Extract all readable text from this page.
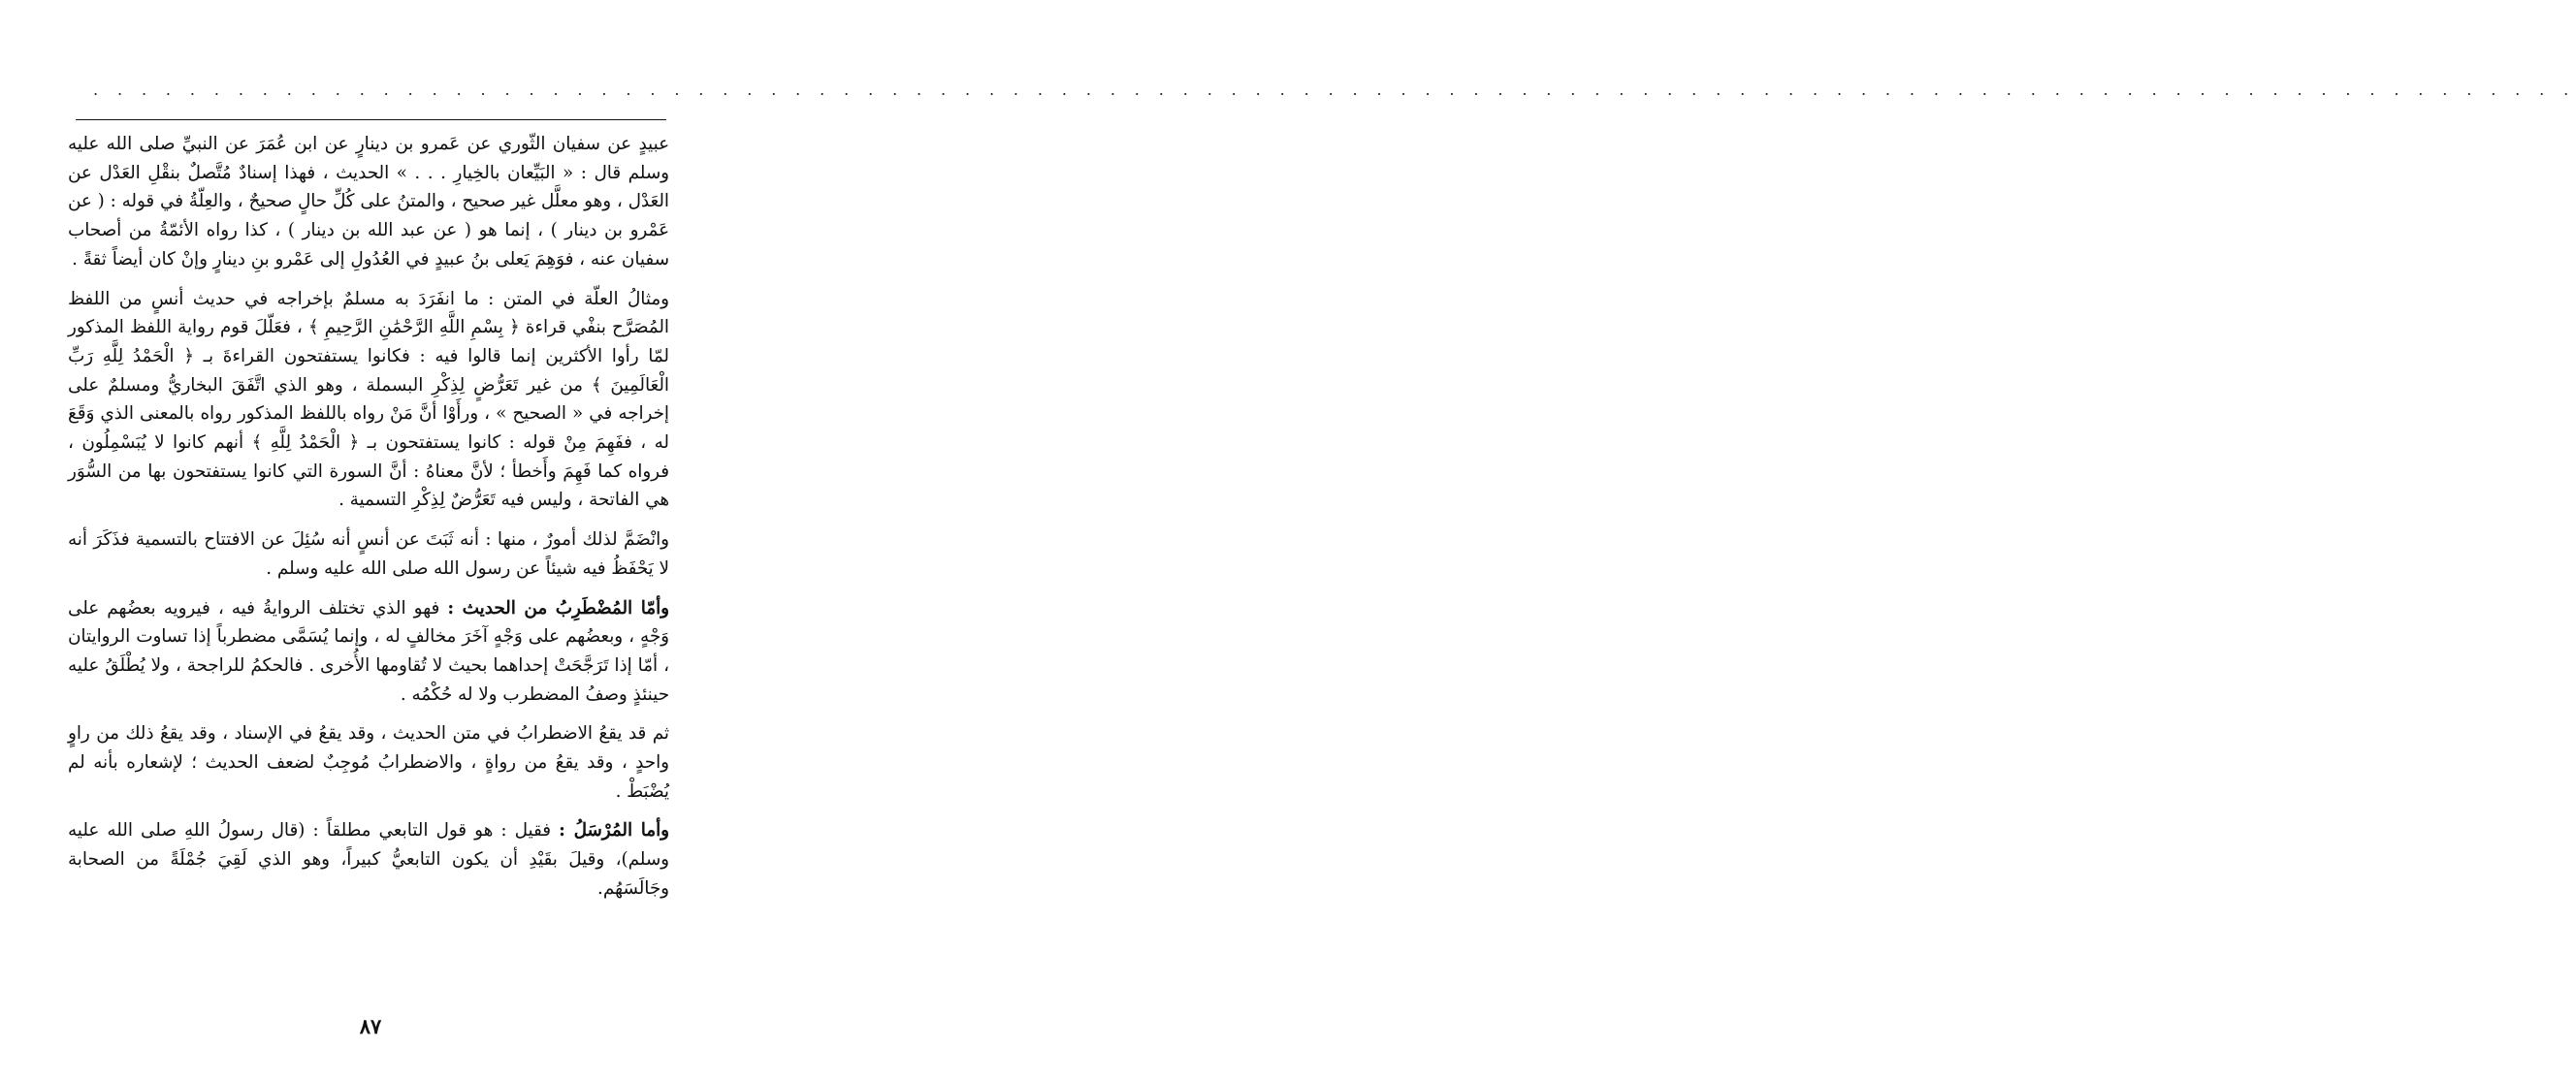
. . . . . . . . . . . . . . . . . . . . . . . . . . . . . . . . . . . . . . . . . . . . . . . . . . . . . . . . . . . . . . . . . . . . . . . . . . . . . . . . . . . . . . . . . . . . . . . . . . . . . . .

عبيدٍ عن سفيان الثّوري عن عَمرو بن دينارٍ عن ابن عُمَرَ عن النبيِّ صلى الله عليه وسلم قال : « البَيِّعان بالخِيارِ . . . » الحديث ، فهذا إسنادٌ مُتَّصلٌ بنقْلِ العَدْل عن العَدْل ، وهو معلَّل غير صحيح ، والمتنُ على كُلِّ حالٍ صحيحٌ ، والعِلّةُ في قوله : ( عن عَمْرو بن دينار ) ، إنما هو ( عن عبد الله بن دينار ) ، كذا رواه الأئمّةُ من أصحاب سفيان عنه ، فوَهِمَ يَعلى بنُ عبيدٍ في العُدُولِ إلى عَمْرو بنِ دينارٍ وإنْ كان أيضاً ثقةً .

ومثالُ العلّة في المتن : ما انفَرَدَ به مسلمٌ بإخراجه في حديث أنسٍ من اللفظ المُصَرَّح بنفْي قراءة ﴿ بِسْمِ اللَّهِ الرَّحْمَٰنِ الرَّحِيمِ ﴾ ، فعَلّلَ قوم رواية اللفظ المذكور لمّا رأوا الأكثرين إنما قالوا فيه : فكانوا يستفتحون القراءةَ بـ ﴿ الْحَمْدُ لِلَّهِ رَبِّ الْعَالَمِينَ ﴾ من غير تَعَرُّضٍ لِذِكْرِ البسملة ، وهو الذي اتَّفَقَ البخاريُّ ومسلمٌ على إخراجه في « الصحيح » ، ورأَوْا أنَّ مَنْ رواه باللفظ المذكور رواه بالمعنى الذي وَقَعَ له ، ففَهِمَ مِنْ قوله : كانوا يستفتحون بـ ﴿ الْحَمْدُ لِلَّهِ ﴾ أنهم كانوا لا يُبَسْمِلُون ، فرواه كما فَهِمَ وأَخطأ ؛ لأنَّ معناهُ : أنَّ السورة التي كانوا يستفتحون بها من السُّوَر هي الفاتحة ، وليس فيه تَعَرُّضٌ لِذِكْرِ التسمية .

وانْضَمَّ لذلك أمورٌ ، منها : أنه ثَبَتَ عن أنسٍ أنه سُئِلَ عن الافتتاح بالتسمية فذَكَرَ أنه لا يَحْفَظُ فيه شيئاً عن رسول الله صلى الله عليه وسلم .

وأمّا المُضْطَرِبُ من الحديث : فهو الذي تختلف الروايةُ فيه ، فيرويه بعضُهم على وَجْهٍ ، وبعضُهم على وَجْهٍ آخَرَ مخالفٍ له ، وإنما يُسَمَّى مضطرباً إذا تساوت الروايتان ، أمّا إذا تَرَجَّحَتْ إحداهما بحيث لا تُقاومها الأُخرى . فالحكمُ للراجحة ، ولا يُطْلَقُ عليه حينئذٍ وصفُ المضطرب ولا له حُكْمُه .

ثم قد يقعُ الاضطرابُ في متن الحديث ، وقد يقعُ في الإسناد ، وقد يقعُ ذلك من راوٍ واحدٍ ، وقد يقعُ من رواةٍ ، والاضطرابُ مُوجِبٌ لضعف الحديث ؛ لإشعاره بأنه لم يُضْبَطْ .

وأما المُرْسَلُ : فقيل : هو قول التابعي مطلقاً : (قال رسولُ اللهِ صلى الله عليه وسلم)، وقيلَ بقَيْدِ أن يكون التابعيُّ كبيراً، وهو الذي لَقِيَ جُمْلَةً من الصحابة وجَالَسَهُم.

٨٧
